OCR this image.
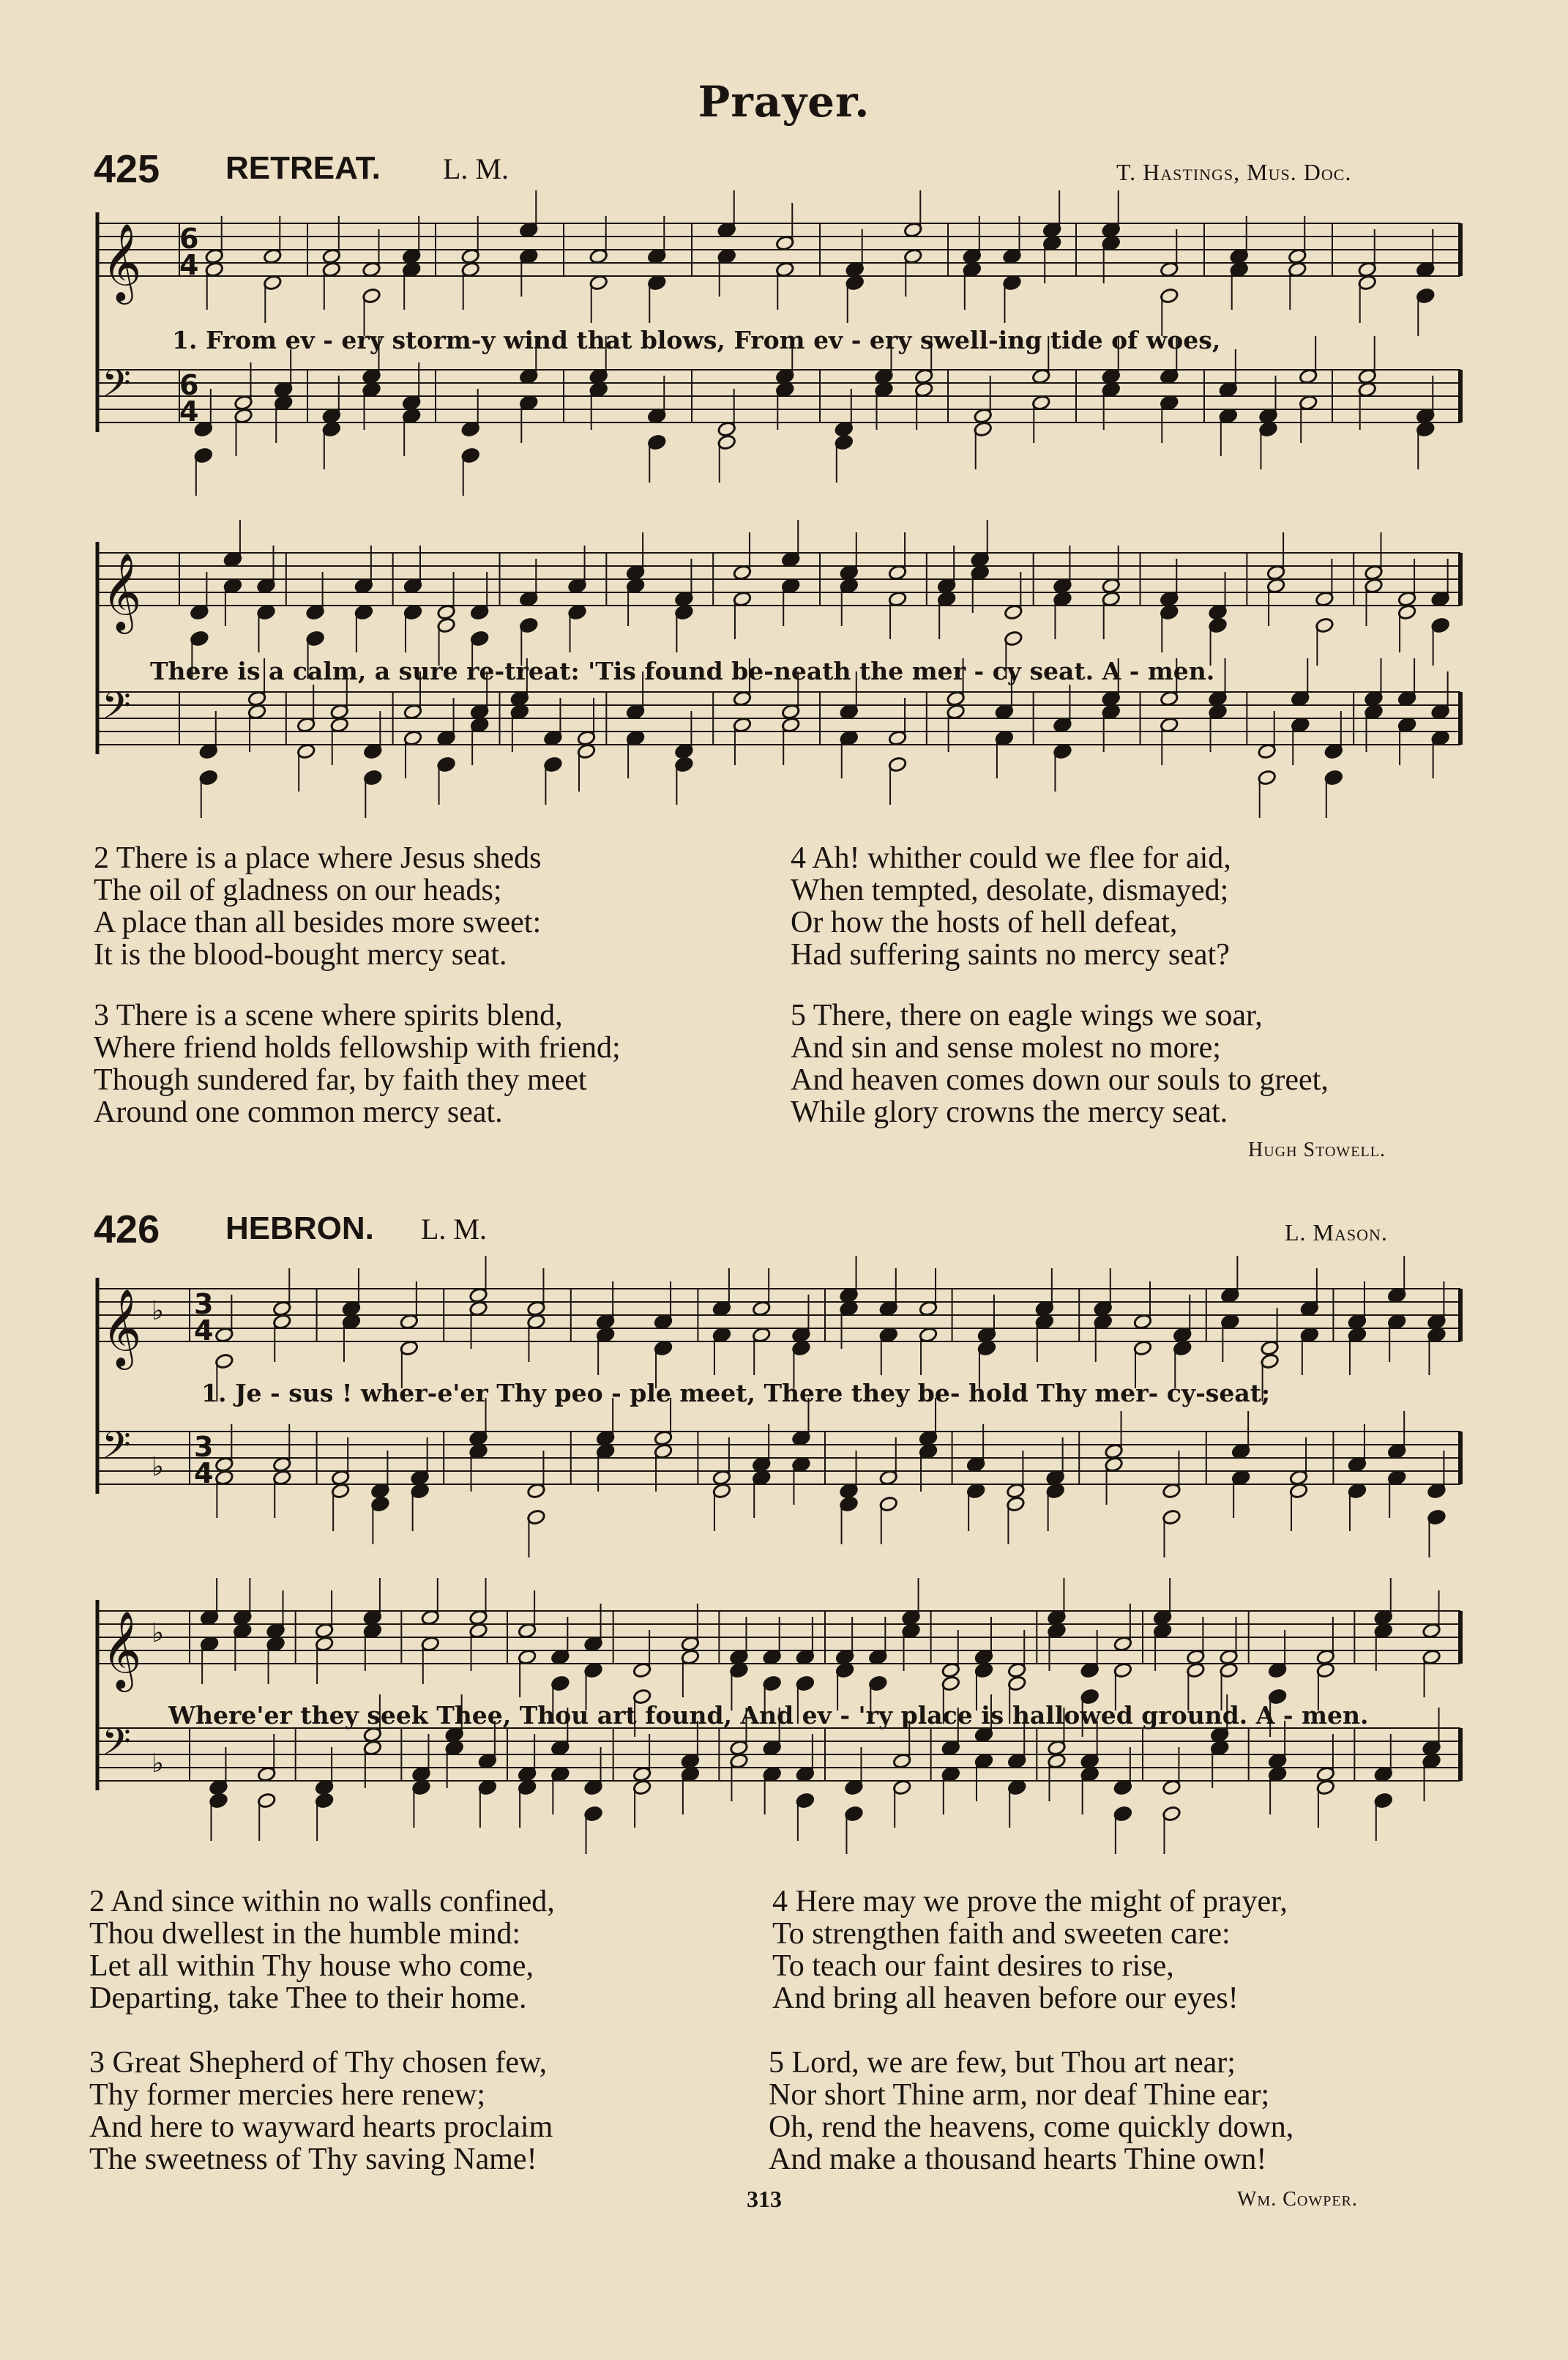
Prayer.
425 RETREAT. L. M.	T. Hastings, Mus. Doc.
𝄞
𝄢
6
6
4
4
1. From ev - ery storm-y wind that blows, From ev - ery swell-ing tide of woes,
𝄞
𝄢
There is a calm, a sure re-treat: 'Tis found be-neath the mer - cy seat. A - men.
2 There is a place where Jesus sheds
The oil of gladness on our heads;
A place than all besides more sweet:
It is the blood-bought mercy seat.
3 There is a scene where spirits blend,
Where friend holds fellowship with friend;
Though sundered far, by faith they meet
Around one common mercy seat.
4 Ah! whither could we flee for aid,
When tempted, desolate, dismayed;
Or how the hosts of hell defeat,
Had suffering saints no mercy seat?
5 There, there on eagle wings we soar,
And sin and sense molest no more;
And heaven comes down our souls to greet,
While glory crowns the mercy seat.
Hugh Stowell.
426 HEBRON. L. M.	L. Mason.
𝄞 ♭
𝄢 ♭
3
3
4
4
1. Je - sus ! wher-e'er Thy peo - ple meet, There they be- hold Thy mer- cy-seat;
𝄞 ♭
𝄢 ♭
Where'er they seek Thee, Thou art found, And ev - 'ry place is hallowed ground. A - men.
2 And since within no walls confined,
Thou dwellest in the humble mind:
Let all within Thy house who come,
Departing, take Thee to their home.
3 Great Shepherd of Thy chosen few,
Thy former mercies here renew;
And here to wayward hearts proclaim
The sweetness of Thy saving Name!
4 Here may we prove the might of prayer,
To strengthen faith and sweeten care:
To teach our faint desires to rise,
And bring all heaven before our eyes!
5 Lord, we are few, but Thou art near;
Nor short Thine arm, nor deaf Thine ear;
Oh, rend the heavens, come quickly down,
And make a thousand hearts Thine own!
313	Wm. Cowper.
